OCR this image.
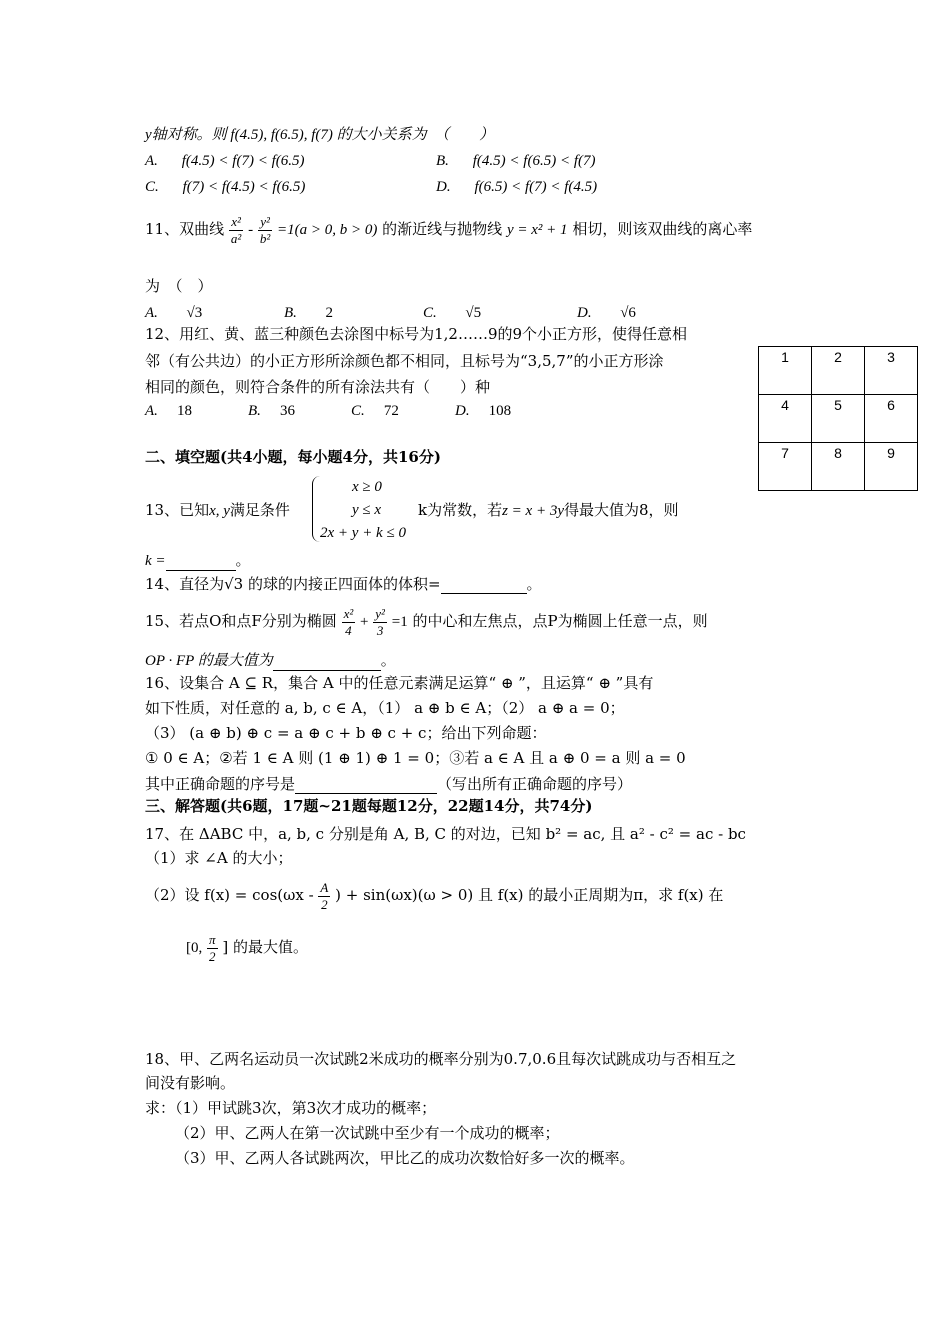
y轴对称。则 f(4.5), f(6.5), f(7) 的大小关系为　（　　）
A. f(4.5) < f(7) < f(6.5)	B. f(4.5) < f(6.5) < f(7)
C. f(7) < f(4.5) < f(6.5)	D. f(6.5) < f(7) < f(4.5)
11、双曲线 $\frac{\text{x²}}{\text{a²}} - \frac{\text{y²}}{\text{b²}} =1(a > 0$, b > 0) 的渐近线与抛物线 y = x² + 1 相切，则该双曲线的离心率
为　（　）
A. √3	B. 2	C. √5	D. √6
12、用红、黄、蓝三种颜色去涂图中标号为1,2……9的9个小正方形，使得任意相
邻（有公共边）的小正方形所涂颜色都不相同，且标号为“3,5,7”的小正方形涂
相同的颜色，则符合条件的所有涂法共有（　　）种
A. 18	B. 36	C. 72	D. 108
1	2	3
4	5	6
7	8	9
二、填空题(共4小题，每小题4分，共16分)
13、已知x, y满足条件
x ≥ 0
y ≤ x
2x + y + k ≤ 0
k为常数，若z = x + 3y得最大值为8，则
k =	。
14、直径为√3 的球的内接正四面体的体积=	。
15、若点O和点F分别为椭圆 $\frac{\text{x²}}{4} + \frac{\text{y²}}{3} =1$ 的中心和左焦点，点P为椭圆上任意一点，则
OP · FP 的最大值为	。
16、设集合 A ⊆ R，集合 A 中的任意元素满足运算“ ⊕ ”，且运算“ ⊕ ”具有
如下性质，对任意的 a, b, c ∈ A，（1） a ⊕ b ∈ A；（2） a ⊕ a = 0；
（3） (a ⊕ b) ⊕ c = a ⊕ c + b ⊕ c + c；给出下列命题：
① 0 ∈ A；②若 1 ∈ A 则 (1 ⊕ 1) ⊕ 1 = 0；③若 a ∈ A 且 a ⊕ 0 = a 则 a = 0
其中正确命题的序号是	（写出所有正确命题的序号）
三、解答题(共6题，17题~21题每题12分，22题14分，共74分)
17、在 ΔABC 中，a, b, c 分别是角 A, B, C 的对边，已知 b² = ac, 且 a² - c² = ac - bc
（1）求 ∠A 的大小；
（2）设 $f(x) = \cos(\omega x - \frac{A}{2}$ ) + sin(ωx)(ω > 0) 且 f(x) 的最小正周期为π，求 f(x) 在
[0, $\frac{\pi}{2}$ ] 的最大值。
18、甲、乙两名运动员一次试跳2米成功的概率分别为0.7,0.6且每次试跳成功与否相互之
间没有影响。
求：（1）甲试跳3次，第3次才成功的概率；
（2）甲、乙两人在第一次试跳中至少有一个成功的概率；
（3）甲、乙两人各试跳两次，甲比乙的成功次数恰好多一次的概率。
